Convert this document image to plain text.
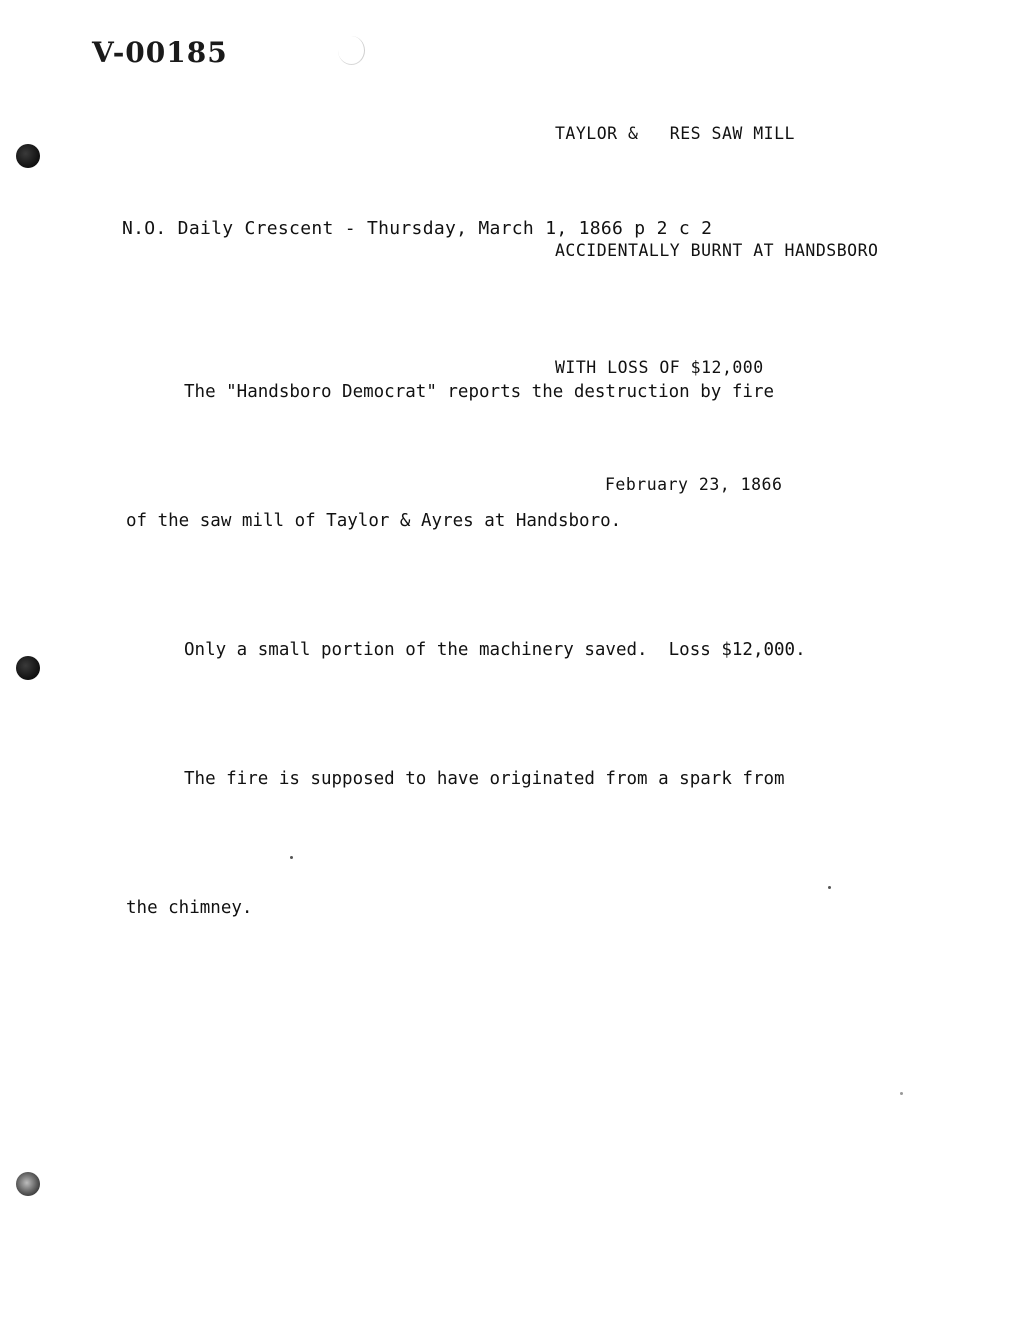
V-00185

TAYLOR &   RES SAW MILL

ACCIDENTALLY BURNT AT HANDSBORO

WITH LOSS OF $12,000

February 23, 1866

N.O. Daily Crescent - Thursday, March 1, 1866 p 2 c 2

The "Handsboro Democrat" reports the destruction by fire

of the saw mill of Taylor & Ayres at Handsboro.

Only a small portion of the machinery saved.  Loss $12,000.

The fire is supposed to have originated from a spark from

the chimney.
